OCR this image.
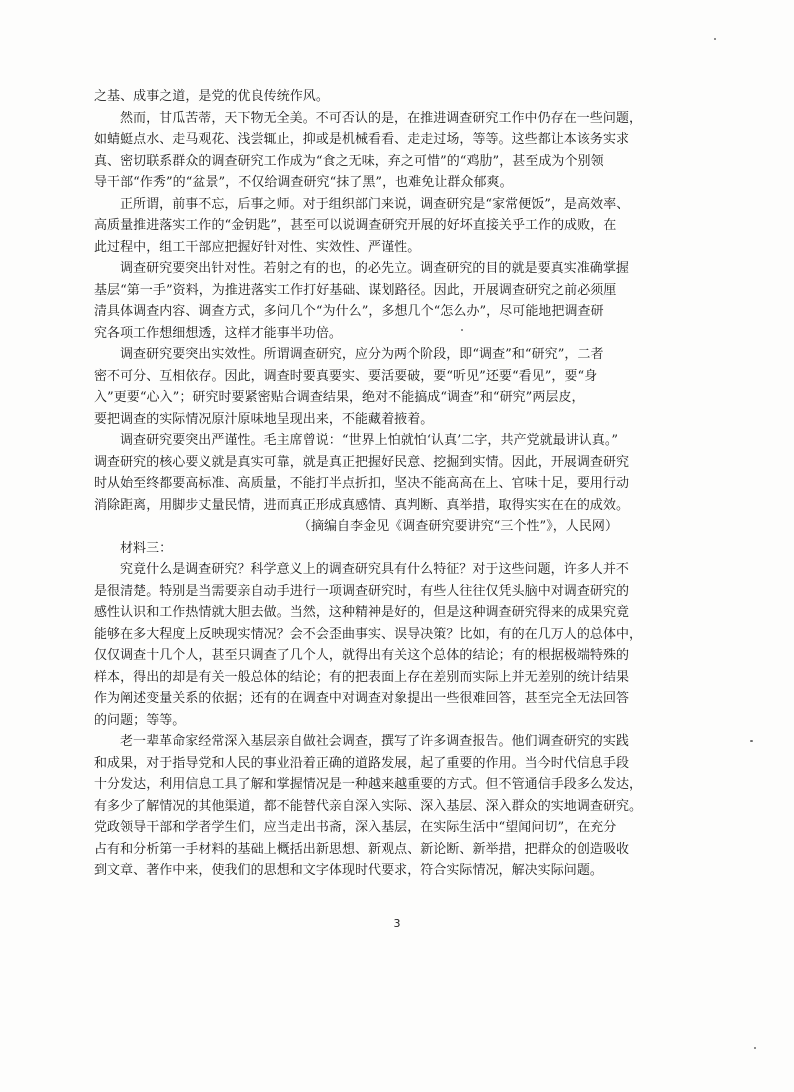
之基、成事之道，是党的优良传统作风。
然而，甘瓜苦蒂，天下物无全美。不可否认的是，在推进调查研究工作中仍存在一些问题，
如蜻蜓点水、走马观花、浅尝辄止，抑或是机械看看、走走过场，等等。这些都让本该务实求
真、密切联系群众的调查研究工作成为“食之无味，弃之可惜”的“鸡肋”，甚至成为个别领
导干部“作秀”的“盆景”，不仅给调查研究“抹了黑”，也难免让群众郁爽。
正所谓，前事不忘，后事之师。对于组织部门来说，调查研究是“家常便饭”，是高效率、
高质量推进落实工作的“金钥匙”，甚至可以说调查研究开展的好坏直接关乎工作的成败，在
此过程中，组工干部应把握好针对性、实效性、严谨性。
调查研究要突出针对性。若射之有的也，的必先立。调查研究的目的就是要真实准确掌握
基层“第一手”资料，为推进落实工作打好基础、谋划路径。因此，开展调查研究之前必须厘
清具体调查内容、调查方式，多问几个“为什么”，多想几个“怎么办”，尽可能地把调查研
究各项工作想细想透，这样才能事半功倍。
调查研究要突出实效性。所谓调查研究，应分为两个阶段，即“调查”和“研究”，二者
密不可分、互相依存。因此，调查时要真要实、要活要破，要“听见”还要“看见”，要“身
入”更要“心入”；研究时要紧密贴合调查结果，绝对不能搞成“调查”和“研究”两层皮，
要把调查的实际情况原汁原味地呈现出来，不能藏着掖着。
调查研究要突出严谨性。毛主席曾说：“世界上怕就怕‘认真’二字，共产党就最讲认真。”
调查研究的核心要义就是真实可靠，就是真正把握好民意、挖掘到实情。因此，开展调查研究
时从始至终都要高标准、高质量，不能打半点折扣，坚决不能高高在上、官味十足，要用行动
消除距离，用脚步丈量民情，进而真正形成真感情、真判断、真举措，取得实实在在的成效。
（摘编自李金见《调查研究要讲究“三个性”》，人民网）
材料三：
究竟什么是调查研究？科学意义上的调查研究具有什么特征？对于这些问题，许多人并不
是很清楚。特别是当需要亲自动手进行一项调查研究时，有些人往往仅凭头脑中对调查研究的
感性认识和工作热情就大胆去做。当然，这种精神是好的，但是这种调查研究得来的成果究竟
能够在多大程度上反映现实情况？会不会歪曲事实、误导决策？比如，有的在几万人的总体中，
仅仅调查十几个人，甚至只调查了几个人，就得出有关这个总体的结论；有的根据极端特殊的
样本，得出的却是有关一般总体的结论；有的把表面上存在差别而实际上并无差别的统计结果
作为阐述变量关系的依据；还有的在调查中对调查对象提出一些很难回答，甚至完全无法回答
的问题；等等。
老一辈革命家经常深入基层亲自做社会调查，撰写了许多调查报告。他们调查研究的实践
和成果，对于指导党和人民的事业沿着正确的道路发展，起了重要的作用。当今时代信息手段
十分发达，利用信息工具了解和掌握情况是一种越来越重要的方式。但不管通信手段多么发达，
有多少了解情况的其他渠道，都不能替代亲自深入实际、深入基层、深入群众的实地调查研究。
党政领导干部和学者学生们，应当走出书斋，深入基层，在实际生活中“望闻问切”，在充分
占有和分析第一手材料的基础上概括出新思想、新观点、新论断、新举措，把群众的创造吸收
到文章、著作中来，使我们的思想和文字体现时代要求，符合实际情况，解决实际问题。
3
